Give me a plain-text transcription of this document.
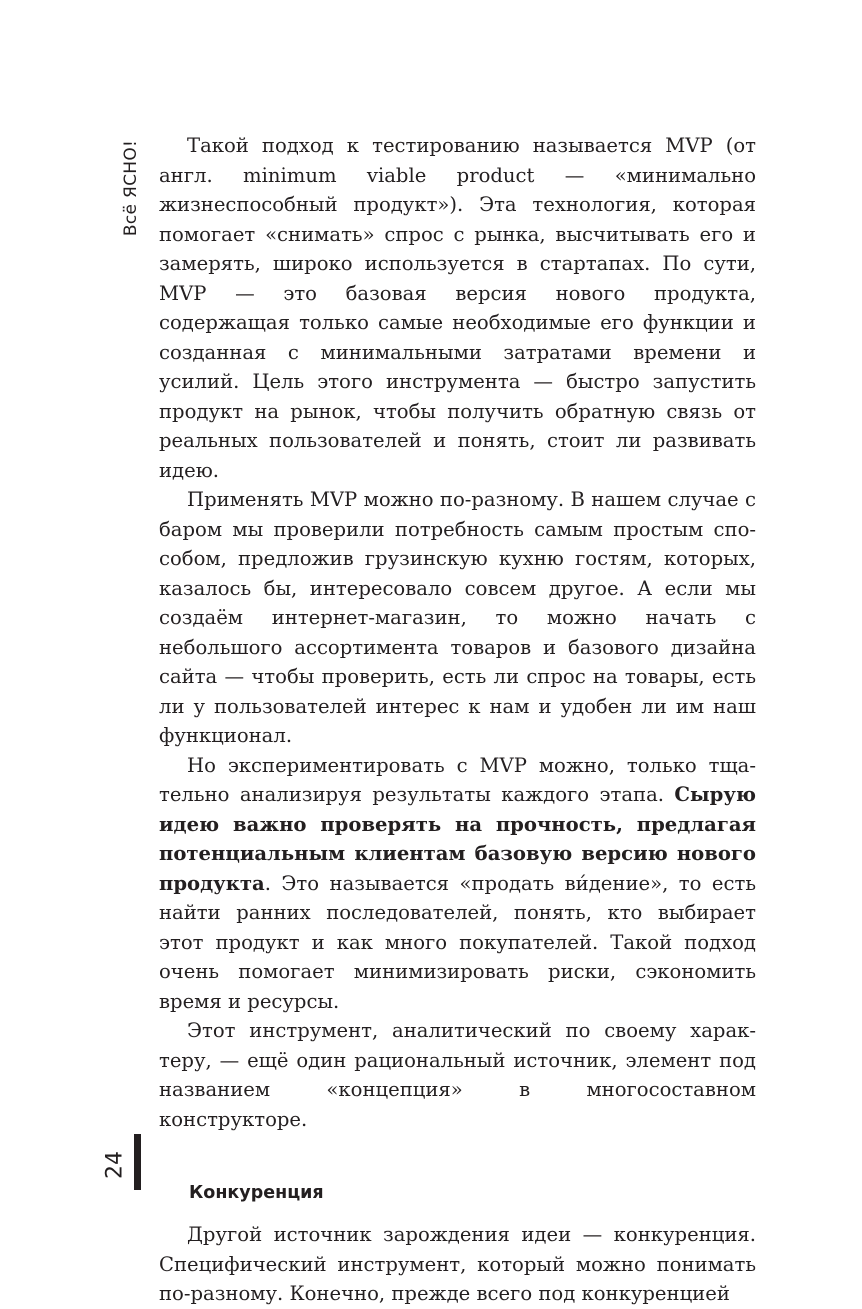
Всё ЯСНО!	Такой подход к тестированию называется MVP (от англ. minimum viable product — «минимально жизнеспособный продукт»). Эта технология, которая помогает «снимать» спрос с рынка, высчитывать его и замерять, широко используется в стартапах. По сути, MVP — это базовая версия нового продукта, содержащая только самые необходимые его функции и созданная с минимальными затратами времени и усилий. Цель этого инструмента — быстро запустить продукт на рынок, чтобы получить обратную связь от реальных пользователей и понять, стоит ли развивать идею.

Применять MVP можно по-разному. В нашем случае с баром мы проверили потребность самым простым способом, предложив грузинскую кухню гостям, которых, казалось бы, интересовало совсем другое. А если мы создаём интернет-магазин, то можно начать с небольшого ассортимента товаров и базового дизайна сайта — чтобы проверить, есть ли спрос на товары, есть ли у пользователей интерес к нам и удобен ли им наш функционал.

Но экспериментировать с MVP можно, только тщательно анализируя результаты каждого этапа. Сырую идею важно проверять на прочность, предлагая потенциальным клиентам базовую версию нового продукта. Это называется «продать ви́дение», то есть найти ранних последователей, понять, кто выбирает этот продукт и как много покупателей. Такой подход очень помогает минимизировать риски, сэкономить время и ресурсы.

Этот инструмент, аналитический по своему характеру, — ещё один рациональный источник, элемент под названием «концепция» в многосоставном конструкторе.

Конкуренция

Другой источник зарождения идеи — конкуренция. Специфический инструмент, который можно понимать по-разному. Конечно, прежде всего под конкуренцией

24
